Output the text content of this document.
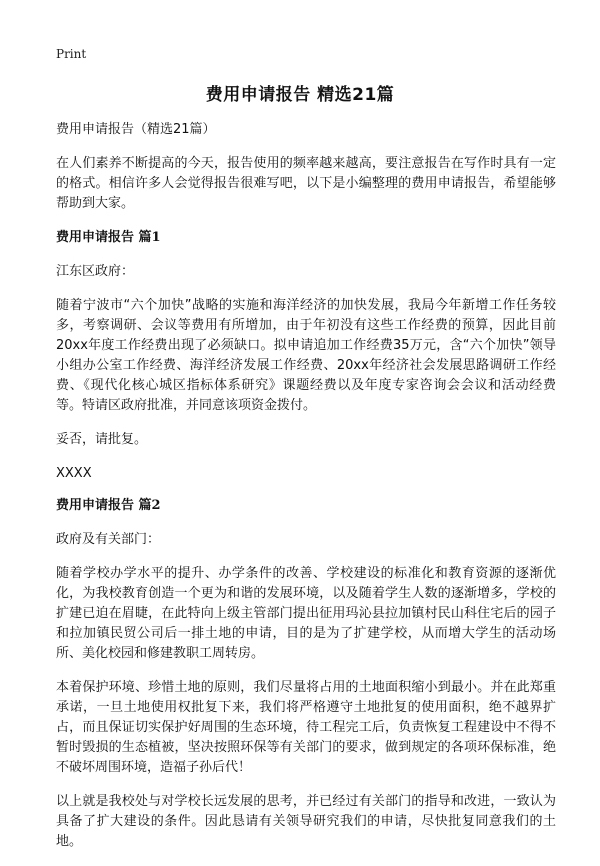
Print
费用申请报告 精选21篇

费用申请报告（精选21篇）

在人们素养不断提高的今天，报告使用的频率越来越高，要注意报告在写作时具有一定的格式。相信许多人会觉得报告很难写吧，以下是小编整理的费用申请报告，希望能够帮助到大家。

费用申请报告 篇1

江东区政府：

随着宁波市“六个加快”战略的实施和海洋经济的加快发展，我局今年新增工作任务较多，考察调研、会议等费用有所增加，由于年初没有这些工作经费的预算，因此目前20xx年度工作经费出现了必须缺口。拟申请追加工作经费35万元，含“六个加快”领导小组办公室工作经费、海洋经济发展工作经费、20xx年经济社会发展思路调研工作经费、《现代化核心城区指标体系研究》课题经费以及年度专家咨询会会议和活动经费等。特请区政府批准，并同意该项资金拨付。

妥否，请批复。

XXXX

费用申请报告 篇2

政府及有关部门：

随着学校办学水平的提升、办学条件的改善、学校建设的标准化和教育资源的逐渐优化，为我校教育创造一个更为和谐的发展环境，以及随着学生人数的逐渐增多，学校的扩建已迫在眉睫，在此特向上级主管部门提出征用玛沁县拉加镇村民山科住宅后的园子和拉加镇民贸公司后一排土地的申请，目的是为了扩建学校，从而增大学生的活动场所、美化校园和修建教职工周转房。

本着保护环境、珍惜土地的原则，我们尽量将占用的土地面积缩小到最小。并在此郑重承诺，一旦土地使用权批复下来，我们将严格遵守土地批复的使用面积，绝不越界扩占，而且保证切实保护好周围的生态环境，待工程完工后，负责恢复工程建设中不得不暂时毁损的生态植被，坚决按照环保等有关部门的要求，做到规定的各项环保标准，绝不破坏周围环境，造福子孙后代！

以上就是我校处与对学校长远发展的思考，并已经过有关部门的指导和改进，一致认为具备了扩大建设的条件。因此恳请有关领导研究我们的申请，尽快批复同意我们的土地。
